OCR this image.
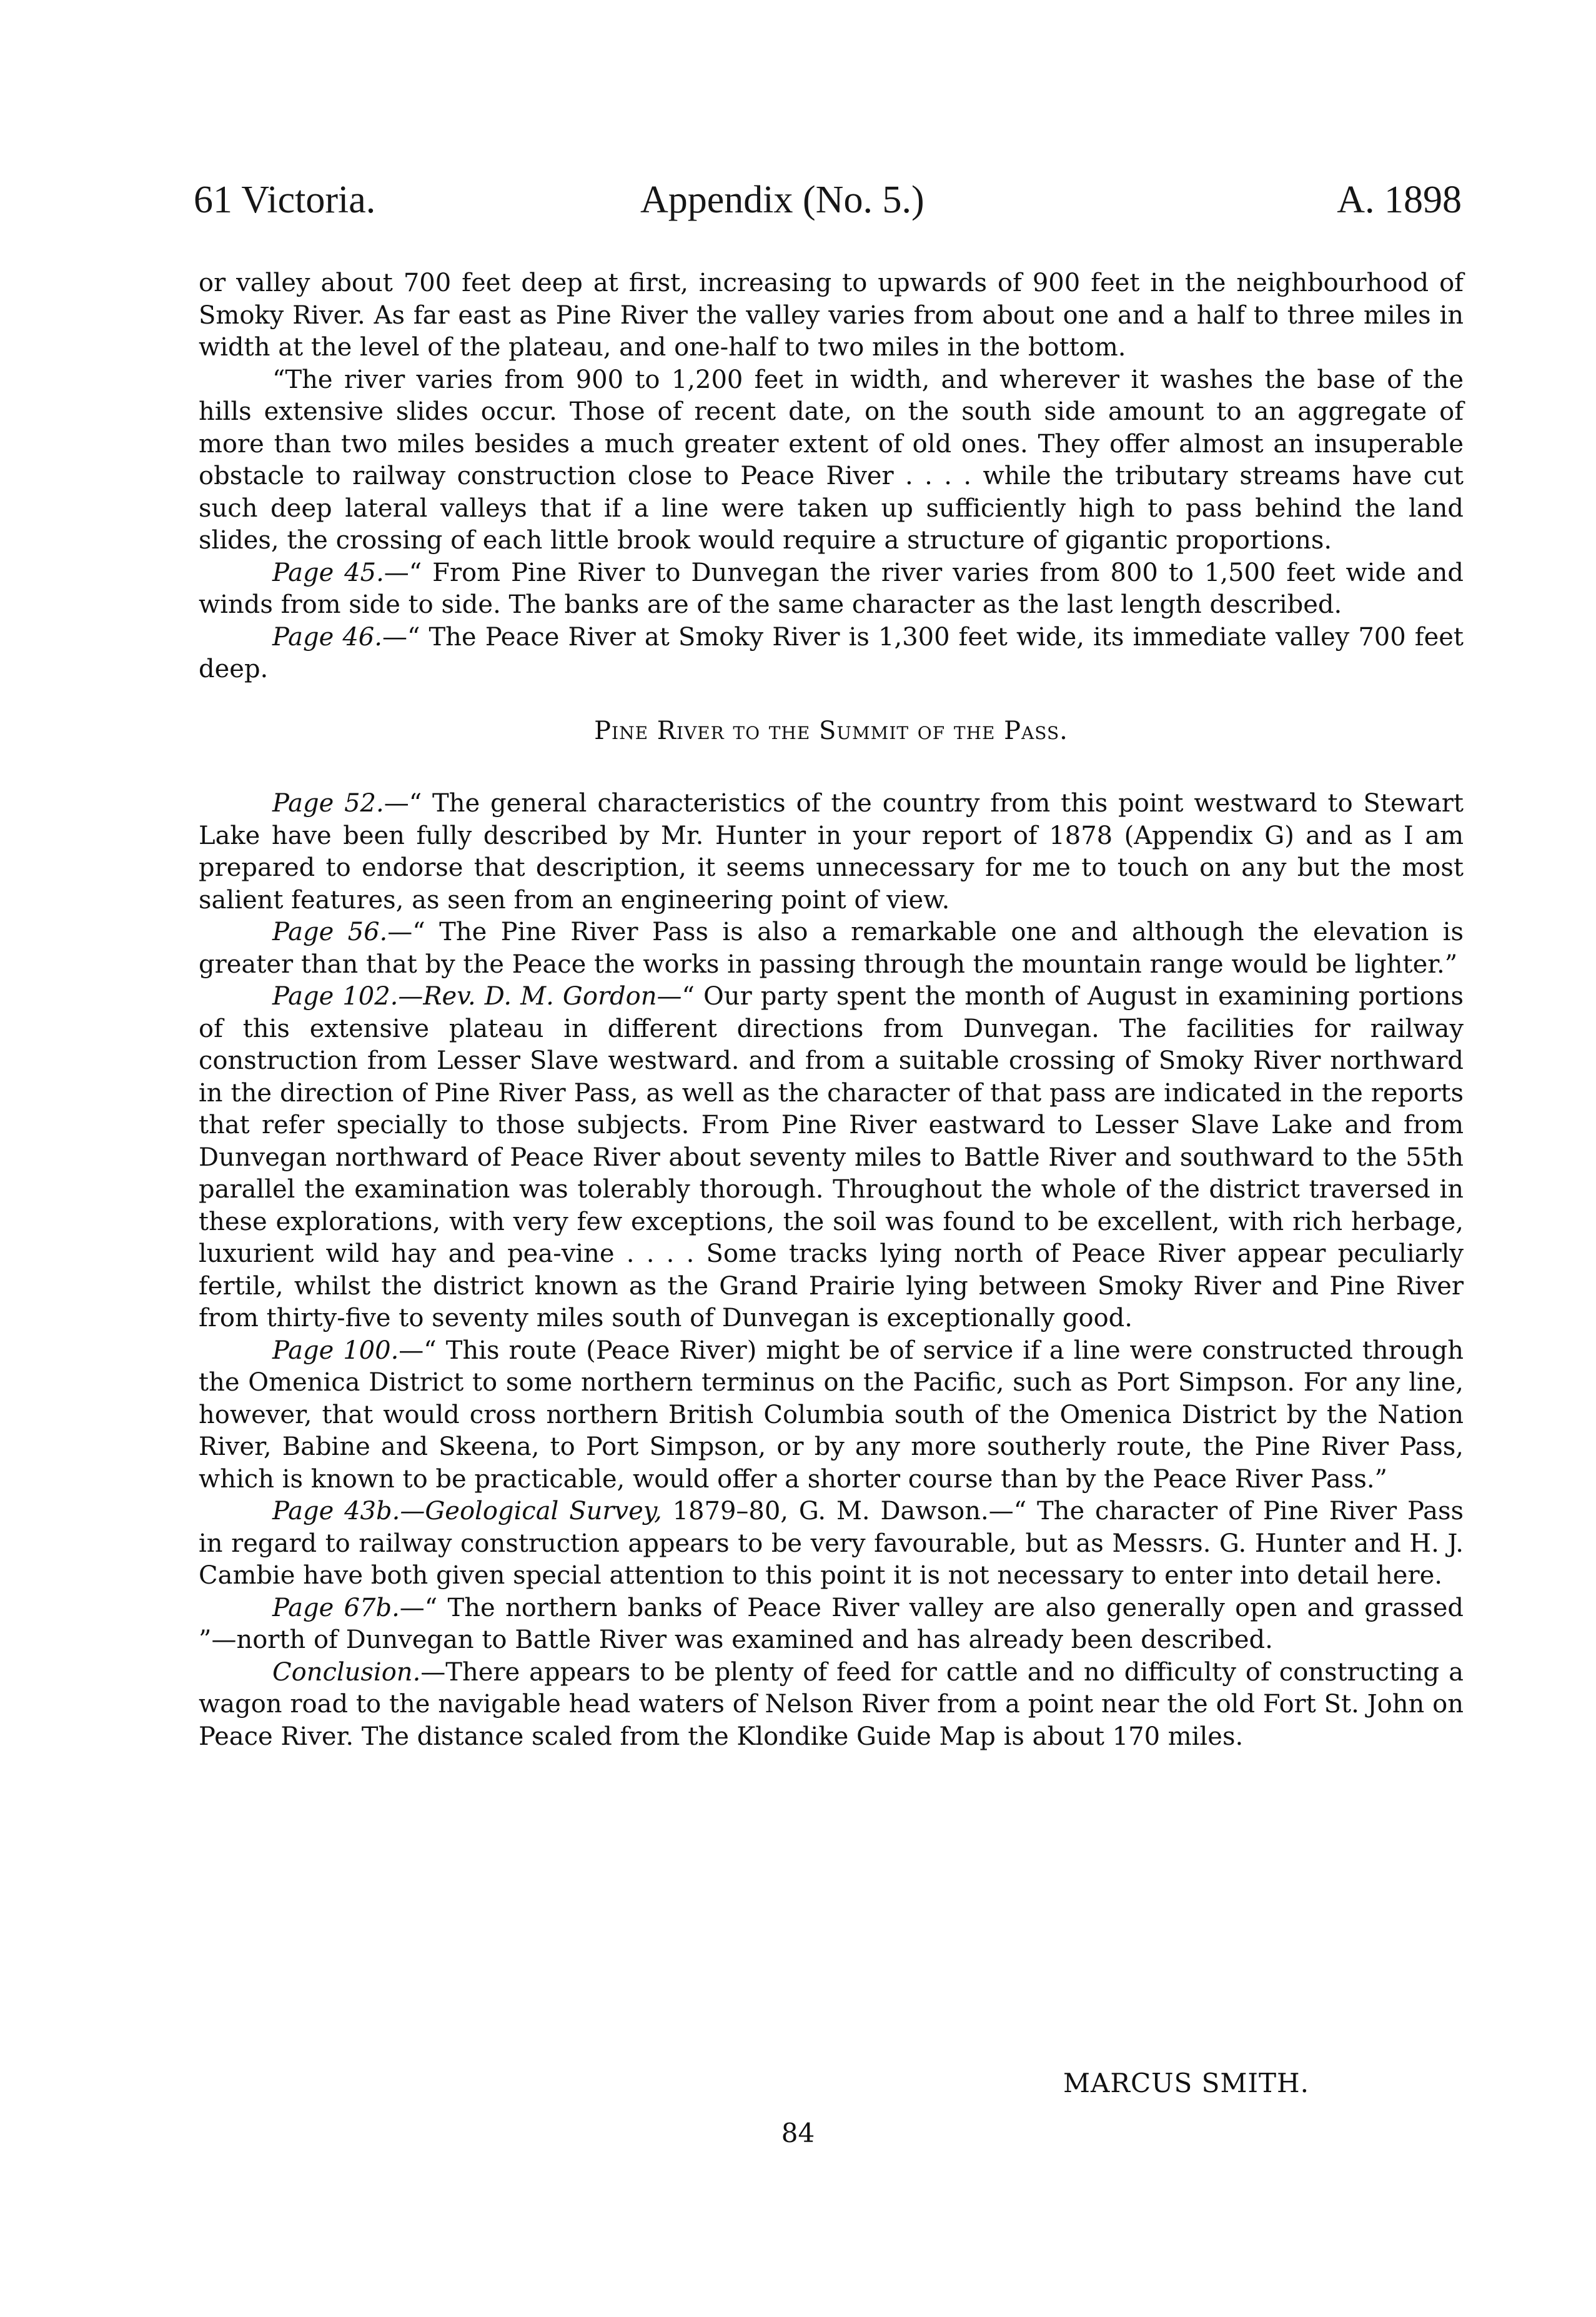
61 Victoria.	Appendix (No. 5.)	A. 1898

or valley about 700 feet deep at first, increasing to upwards of 900 feet in the neighbourhood of Smoky River. As far east as Pine River the valley varies from about one and a half to three miles in width at the level of the plateau, and one-half to two miles in the bottom.

“The river varies from 900 to 1,200 feet in width, and wherever it washes the base of the hills extensive slides occur. Those of recent date, on the south side amount to an aggregate of more than two miles besides a much greater extent of old ones. They offer almost an insuperable obstacle to railway construction close to Peace River . . . . while the tributary streams have cut such deep lateral valleys that if a line were taken up sufficiently high to pass behind the land slides, the crossing of each little brook would require a structure of gigantic proportions.

Page 45.—“ From Pine River to Dunvegan the river varies from 800 to 1,500 feet wide and winds from side to side. The banks are of the same character as the last length described.

Page 46.—“ The Peace River at Smoky River is 1,300 feet wide, its immediate valley 700 feet deep.

Pine River to the Summit of the Pass.

Page 52.—“ The general characteristics of the country from this point westward to Stewart Lake have been fully described by Mr. Hunter in your report of 1878 (Appendix G) and as I am prepared to endorse that description, it seems unnecessary for me to touch on any but the most salient features, as seen from an engineering point of view.

Page 56.—“ The Pine River Pass is also a remarkable one and although the elevation is greater than that by the Peace the works in passing through the mountain range would be lighter.”

Page 102.—Rev. D. M. Gordon—“ Our party spent the month of August in examining portions of this extensive plateau in different directions from Dunvegan. The facilities for railway construction from Lesser Slave westward. and from a suitable crossing of Smoky River northward in the direction of Pine River Pass, as well as the character of that pass are indicated in the reports that refer specially to those subjects. From Pine River eastward to Lesser Slave Lake and from Dunvegan northward of Peace River about seventy miles to Battle River and southward to the 55th parallel the examination was tolerably thorough. Throughout the whole of the district traversed in these explorations, with very few exceptions, the soil was found to be excellent, with rich herbage, luxurient wild hay and pea-vine . . . . Some tracks lying north of Peace River appear peculiarly fertile, whilst the district known as the Grand Prairie lying between Smoky River and Pine River from thirty-five to seventy miles south of Dunvegan is exceptionally good.

Page 100.—“ This route (Peace River) might be of service if a line were constructed through the Omenica District to some northern terminus on the Pacific, such as Port Simpson. For any line, however, that would cross northern British Columbia south of the Omenica District by the Nation River, Babine and Skeena, to Port Simpson, or by any more southerly route, the Pine River Pass, which is known to be practicable, would offer a shorter course than by the Peace River Pass.”

Page 43b.—Geological Survey, 1879–80, G. M. Dawson.—“ The character of Pine River Pass in regard to railway construction appears to be very favourable, but as Messrs. G. Hunter and H. J. Cambie have both given special attention to this point it is not necessary to enter into detail here.

Page 67b.—“ The northern banks of Peace River valley are also generally open and grassed ”—north of Dunvegan to Battle River was examined and has already been described.

Conclusion.—There appears to be plenty of feed for cattle and no difficulty of constructing a wagon road to the navigable head waters of Nelson River from a point near the old Fort St. John on Peace River. The distance scaled from the Klondike Guide Map is about 170 miles.

MARCUS SMITH.
84
